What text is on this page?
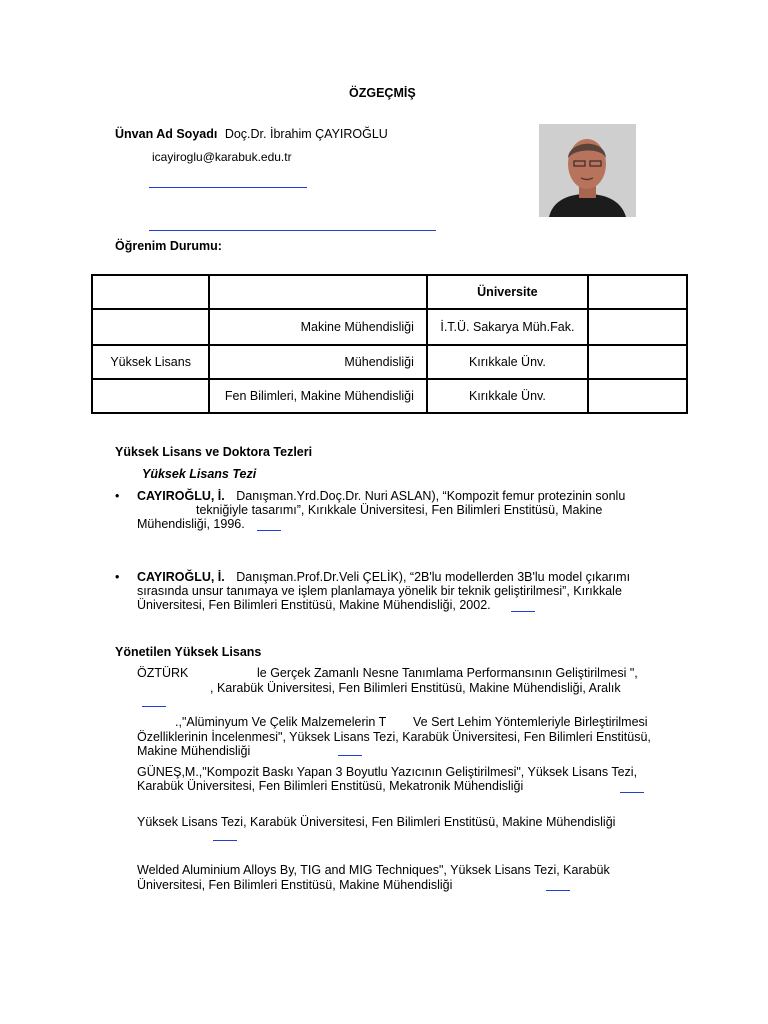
ÖZGEÇMİŞ
Ünvan Ad Soyadı Doç.Dr. İbrahim ÇAYIROĞLU
icayiroglu@karabuk.edu.tr
Öğrenim Durumu:
		Üniversite	
	Makine Mühendisliği	İ.T.Ü. Sakarya Müh.Fak.	
Yüksek Lisans	Mühendisliği	Kırıkkale Ünv.	
	Fen Bilimleri, Makine Mühendisliği	Kırıkkale Ünv.	
Yüksek Lisans ve Doktora Tezleri
Yüksek Lisans Tezi
• CAYIROĞLU, İ. Danışman.Yrd.Doç.Dr. Nuri ASLAN), “Kompozit femur protezinin sonlu
tekniğiyle tasarımı”, Kırıkkale Üniversitesi, Fen Bilimleri Enstitüsü, Makine
Mühendisliği, 1996.
• CAYIROĞLU, İ. Danışman.Prof.Dr.Veli ÇELİK), “2B'lu modellerden 3B'lu model çıkarımı
sırasında unsur tanımaya ve işlem planlamaya yönelik bir teknik geliştirilmesi”, Kırıkkale
Üniversitesi, Fen Bilimleri Enstitüsü, Makine Mühendisliği, 2002.
Yönetilen Yüksek Lisans
ÖZTÜRK	le Gerçek Zamanlı Nesne Tanımlama Performansının Geliştirilmesi ",
, Karabük Üniversitesi, Fen Bilimleri Enstitüsü, Makine Mühendisliği, Aralık
.,"Alüminyum Ve Çelik Malzemelerin T Ve Sert Lehim Yöntemleriyle Birleştirilmesi
Özelliklerinin İncelenmesi", Yüksek Lisans Tezi, Karabük Üniversitesi, Fen Bilimleri Enstitüsü,
Makine Mühendisliği
GÜNEŞ,M.,"Kompozit Baskı Yapan 3 Boyutlu Yazıcının Geliştirilmesi", Yüksek Lisans Tezi,
Karabük Üniversitesi, Fen Bilimleri Enstitüsü, Mekatronik Mühendisliği
Yüksek Lisans Tezi, Karabük Üniversitesi, Fen Bilimleri Enstitüsü, Makine Mühendisliği
Welded Aluminium Alloys By, TIG and MIG Techniques", Yüksek Lisans Tezi, Karabük
Üniversitesi, Fen Bilimleri Enstitüsü, Makine Mühendisliği
